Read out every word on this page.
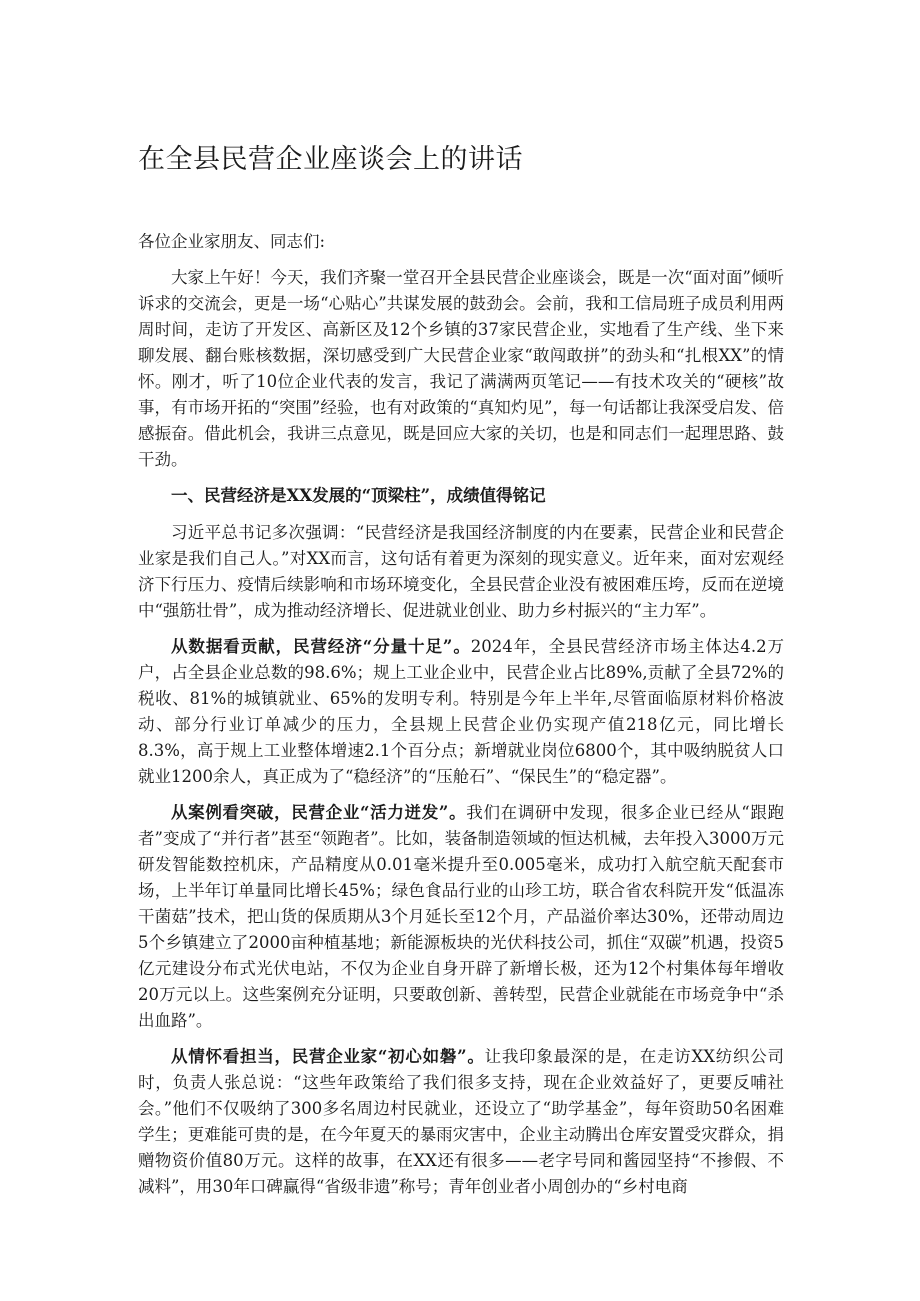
在全县民营企业座谈会上的讲话

各位企业家朋友、同志们:

大家上午好！今天，我们齐聚一堂召开全县民营企业座谈会，既是一次“面对面”倾听诉求的交流会，更是一场“心贴心”共谋发展的鼓劲会。会前，我和工信局班子成员利用两周时间，走访了开发区、高新区及12个乡镇的37家民营企业，实地看了生产线、坐下来聊发展、翻台账核数据，深切感受到广大民营企业家“敢闯敢拼”的劲头和“扎根XX”的情怀。刚才，听了10位企业代表的发言，我记了满满两页笔记——有技术攻关的“硬核”故事，有市场开拓的“突围”经验，也有对政策的“真知灼见”，每一句话都让我深受启发、倍感振奋。借此机会，我讲三点意见，既是回应大家的关切，也是和同志们一起理思路、鼓干劲。

一、民营经济是XX发展的“顶梁柱”，成绩值得铭记

习近平总书记多次强调：“民营经济是我国经济制度的内在要素，民营企业和民营企业家是我们自己人。”对XX而言，这句话有着更为深刻的现实意义。近年来，面对宏观经济下行压力、疫情后续影响和市场环境变化，全县民营企业没有被困难压垮，反而在逆境中“强筋壮骨”，成为推动经济增长、促进就业创业、助力乡村振兴的“主力军”。

从数据看贡献，民营经济“分量十足”。2024年，全县民营经济市场主体达4.2万户，占全县企业总数的98.6%；规上工业企业中，民营企业占比89%,贡献了全县72%的税收、81%的城镇就业、65%的发明专利。特别是今年上半年,尽管面临原材料价格波动、部分行业订单减少的压力，全县规上民营企业仍实现产值218亿元，同比增长8.3%，高于规上工业整体增速2.1个百分点；新增就业岗位6800个，其中吸纳脱贫人口就业1200余人，真正成为了“稳经济”的“压舱石”、“保民生”的“稳定器”。

从案例看突破，民营企业“活力迸发”。我们在调研中发现，很多企业已经从“跟跑者”变成了“并行者”甚至“领跑者”。比如，装备制造领域的恒达机械，去年投入3000万元研发智能数控机床，产品精度从0.01毫米提升至0.005毫米，成功打入航空航天配套市场，上半年订单量同比增长45%；绿色食品行业的山珍工坊，联合省农科院开发“低温冻干菌菇”技术，把山货的保质期从3个月延长至12个月，产品溢价率达30%，还带动周边5个乡镇建立了2000亩种植基地；新能源板块的光伏科技公司，抓住“双碳”机遇，投资5亿元建设分布式光伏电站，不仅为企业自身开辟了新增长极，还为12个村集体每年增收20万元以上。这些案例充分证明，只要敢创新、善转型，民营企业就能在市场竞争中“杀出血路”。

从情怀看担当，民营企业家“初心如磐”。让我印象最深的是，在走访XX纺织公司时，负责人张总说：“这些年政策给了我们很多支持，现在企业效益好了，更要反哺社会。”他们不仅吸纳了300多名周边村民就业，还设立了“助学基金”，每年资助50名困难学生；更难能可贵的是，在今年夏天的暴雨灾害中，企业主动腾出仓库安置受灾群众，捐赠物资价值80万元。这样的故事，在XX还有很多——老字号同和酱园坚持“不掺假、不减料”，用30年口碑赢得“省级非遗”称号；青年创业者小周创办的“乡村电商
